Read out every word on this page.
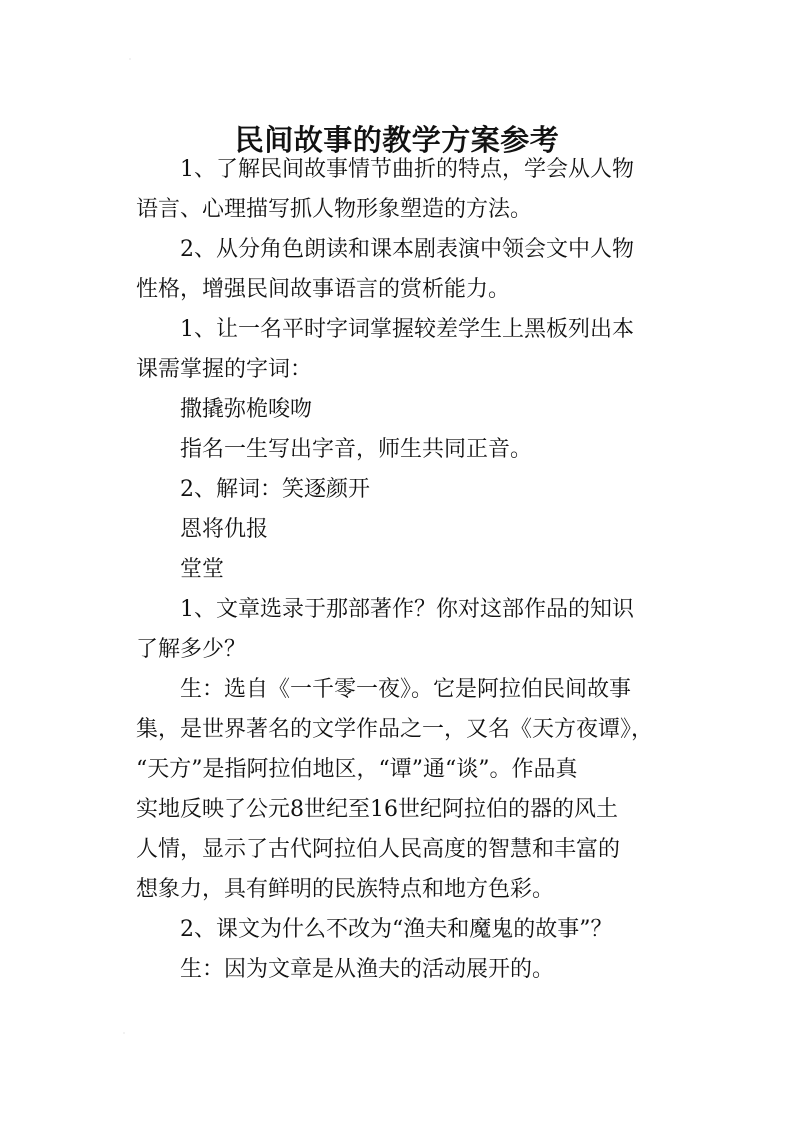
˙
民间故事的教学方案参考

1、了解民间故事情节曲折的特点，学会从人物

语言、心理描写抓人物形象塑造的方法。

2、从分角色朗读和课本剧表演中领会文中人物

性格，增强民间故事语言的赏析能力。

1、让一名平时字词掌握较差学生上黑板列出本

课需掌握的字词：

撒撬弥桅唆吻

指名一生写出字音，师生共同正音。

2、解词：笑逐颜开

恩将仇报

堂堂

1、文章选录于那部著作？你对这部作品的知识

了解多少？

生：选自《一千零一夜》。它是阿拉伯民间故事

集，是世界著名的文学作品之一，又名《天方夜谭》，

“天方”是指阿拉伯地区，“谭”通“谈”。作品真

实地反映了公元8世纪至16世纪阿拉伯的器的风土

人情，显示了古代阿拉伯人民高度的智慧和丰富的

想象力，具有鲜明的民族特点和地方色彩。

2、课文为什么不改为“渔夫和魔鬼的故事”？

生：因为文章是从渔夫的活动展开的。

˙
